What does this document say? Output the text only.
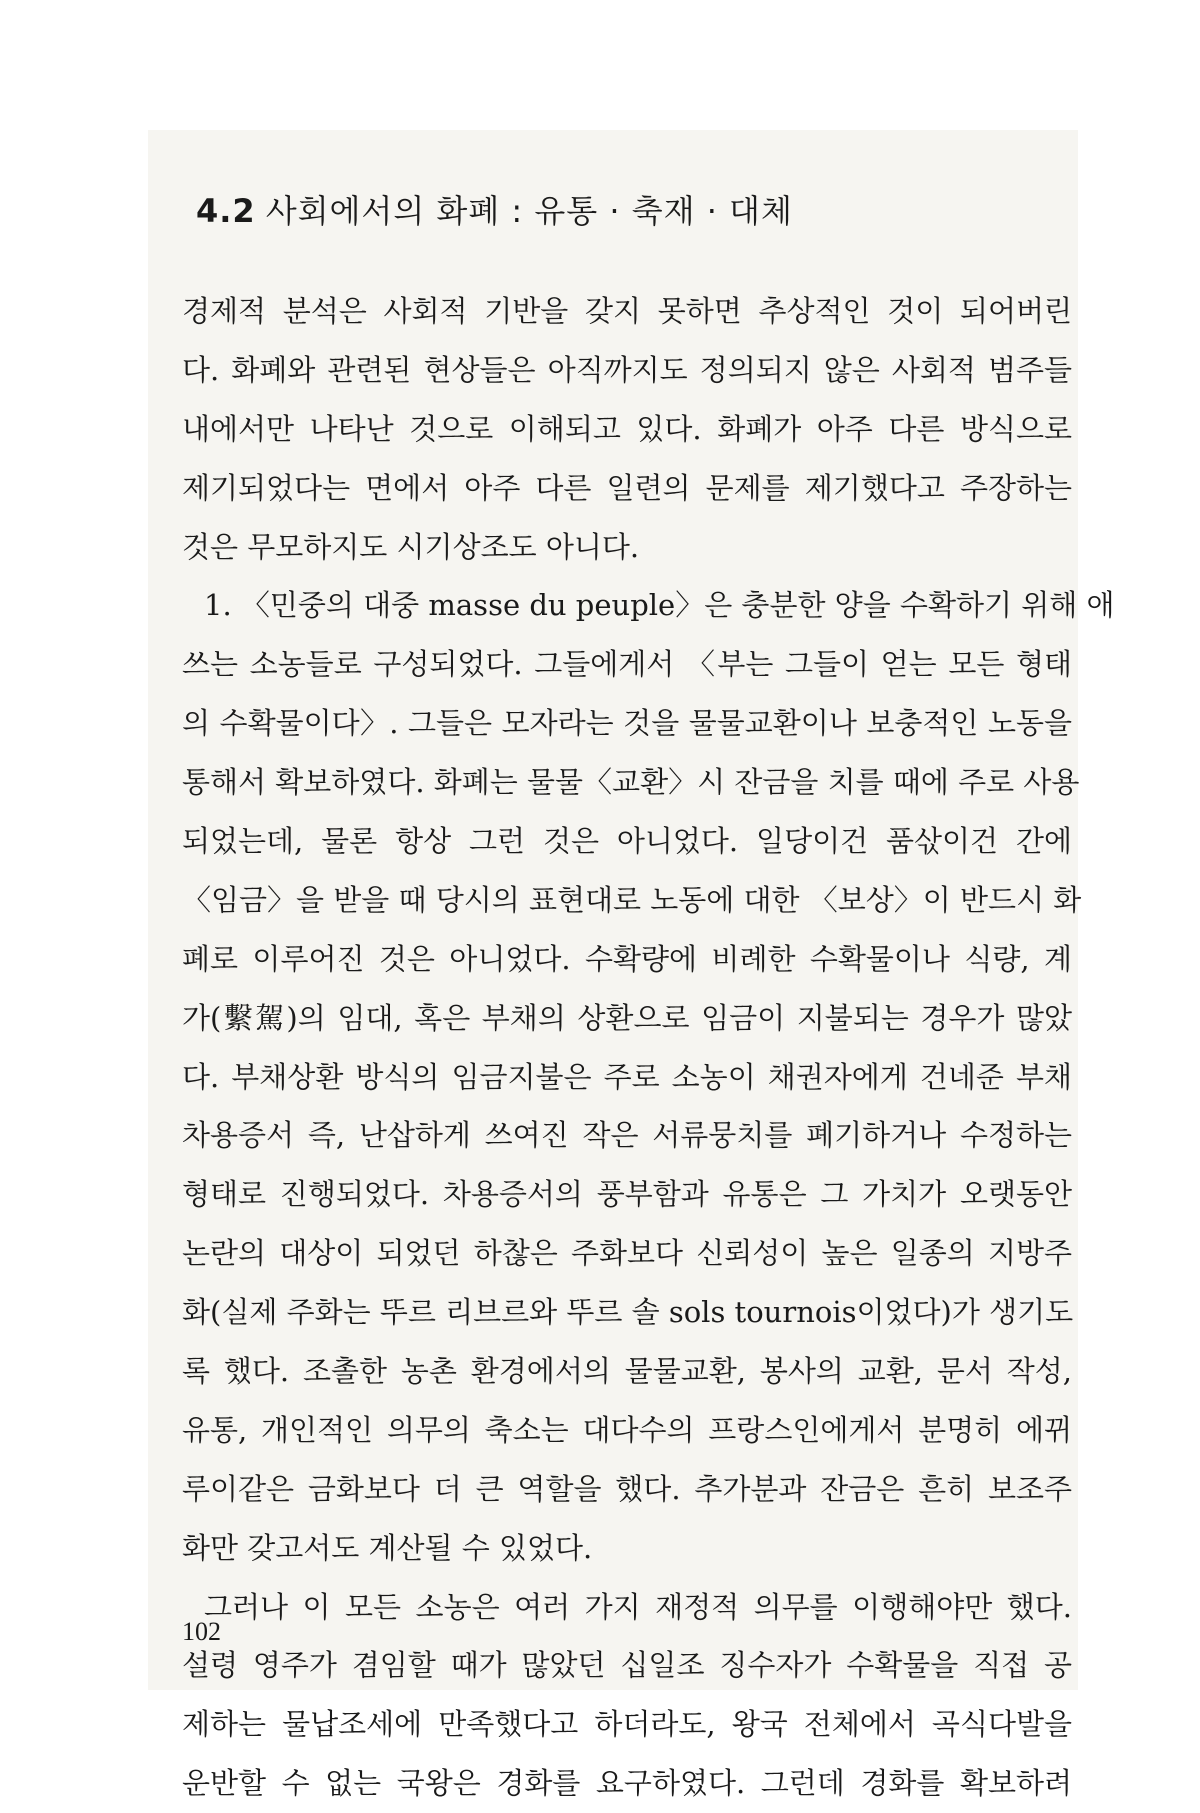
4.2 사회에서의 화폐 : 유통 · 축재 · 대체
경제적 분석은 사회적 기반을 갖지 못하면 추상적인 것이 되어버린
다. 화폐와 관련된 현상들은 아직까지도 정의되지 않은 사회적 범주들
내에서만 나타난 것으로 이해되고 있다. 화폐가 아주 다른 방식으로
제기되었다는 면에서 아주 다른 일련의 문제를 제기했다고 주장하는
것은 무모하지도 시기상조도 아니다.
1. 〈민중의 대중 masse du peuple〉은 충분한 양을 수확하기 위해 애
쓰는 소농들로 구성되었다. 그들에게서 〈부는 그들이 얻는 모든 형태
의 수확물이다〉. 그들은 모자라는 것을 물물교환이나 보충적인 노동을
통해서 확보하였다. 화폐는 물물〈교환〉시 잔금을 치를 때에 주로 사용
되었는데, 물론 항상 그런 것은 아니었다. 일당이건 품삯이건 간에
〈임금〉을 받을 때 당시의 표현대로 노동에 대한 〈보상〉이 반드시 화
폐로 이루어진 것은 아니었다. 수확량에 비례한 수확물이나 식량, 계
가(繫駕)의 임대, 혹은 부채의 상환으로 임금이 지불되는 경우가 많았
다. 부채상환 방식의 임금지불은 주로 소농이 채권자에게 건네준 부채
차용증서 즉, 난삽하게 쓰여진 작은 서류뭉치를 폐기하거나 수정하는
형태로 진행되었다. 차용증서의 풍부함과 유통은 그 가치가 오랫동안
논란의 대상이 되었던 하찮은 주화보다 신뢰성이 높은 일종의 지방주
화(실제 주화는 뚜르 리브르와 뚜르 솔 sols tournois이었다)가 생기도
록 했다. 조촐한 농촌 환경에서의 물물교환, 봉사의 교환, 문서 작성,
유통, 개인적인 의무의 축소는 대다수의 프랑스인에게서 분명히 에뀌
루이같은 금화보다 더 큰 역할을 했다. 추가분과 잔금은 흔히 보조주
화만 갖고서도 계산될 수 있었다.
그러나 이 모든 소농은 여러 가지 재정적 의무를 이행해야만 했다.
설령 영주가 겸임할 때가 많았던 십일조 징수자가 수확물을 직접 공
제하는 물납조세에 만족했다고 하더라도, 왕국 전체에서 곡식다발을
운반할 수 없는 국왕은 경화를 요구하였다. 그런데 경화를 확보하려
102
